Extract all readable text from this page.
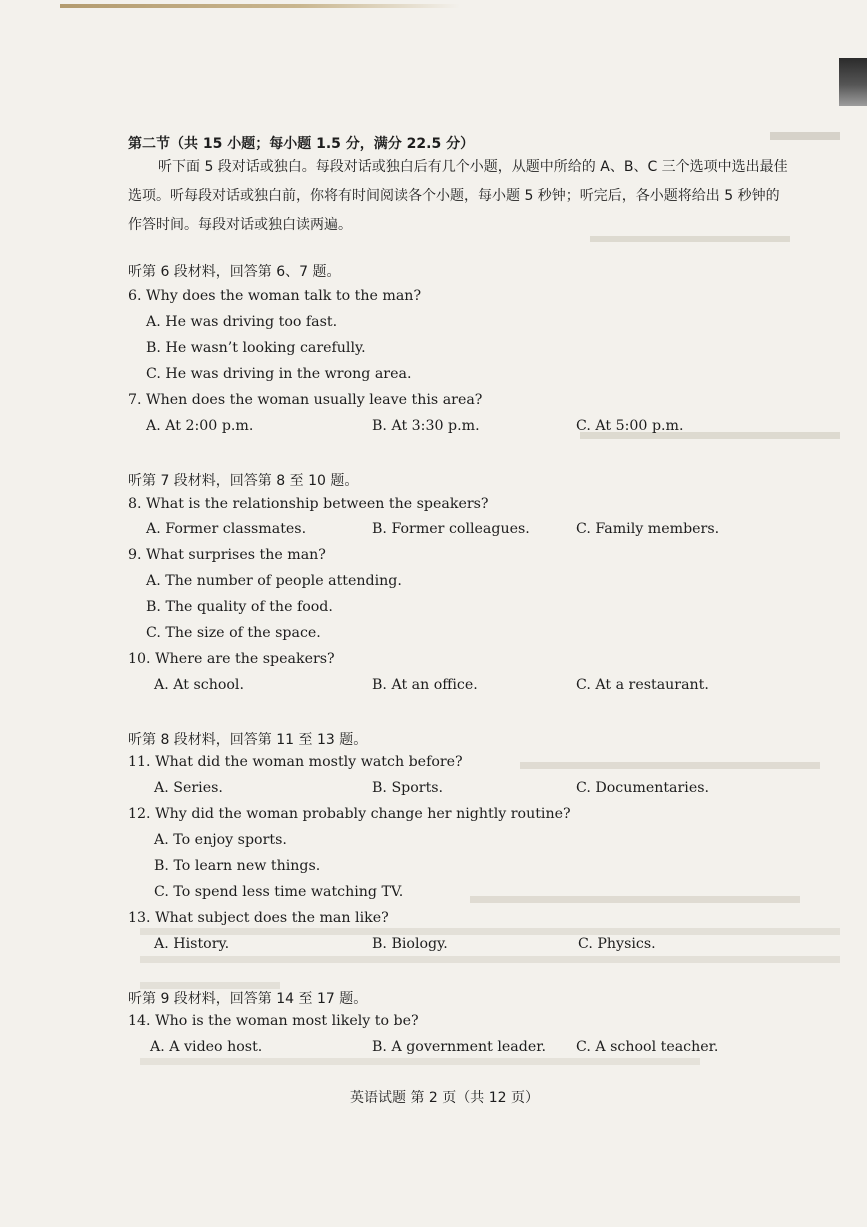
第二节（共 15 小题；每小题 1.5 分，满分 22.5 分）
听下面 5 段对话或独白。每段对话或独白后有几个小题，从题中所给的 A、B、C 三个选项中选出最佳选项。听每段对话或独白前，你将有时间阅读各个小题，每小题 5 秒钟；听完后，各小题将给出 5 秒钟的作答时间。每段对话或独白读两遍。
听第 6 段材料，回答第 6、7 题。
6. Why does the woman talk to the man?
A. He was driving too fast.
B. He wasn’t looking carefully.
C. He was driving in the wrong area.
7. When does the woman usually leave this area?
A. At 2:00 p.m.	B. At 3:30 p.m.	C. At 5:00 p.m.
听第 7 段材料，回答第 8 至 10 题。
8. What is the relationship between the speakers?
A. Former classmates.	B. Former colleagues.	C. Family members.
9. What surprises the man?
A. The number of people attending.
B. The quality of the food.
C. The size of the space.
10. Where are the speakers?
A. At school.	B. At an office.	C. At a restaurant.
听第 8 段材料，回答第 11 至 13 题。
11. What did the woman mostly watch before?
A. Series.	B. Sports.	C. Documentaries.
12. Why did the woman probably change her nightly routine?
A. To enjoy sports.
B. To learn new things.
C. To spend less time watching TV.
13. What subject does the man like?
A. History.	B. Biology.	C. Physics.
听第 9 段材料，回答第 14 至 17 题。
14. Who is the woman most likely to be?
A. A video host.	B. A government leader. C. A school teacher.
英语试题 第 2 页（共 12 页）
